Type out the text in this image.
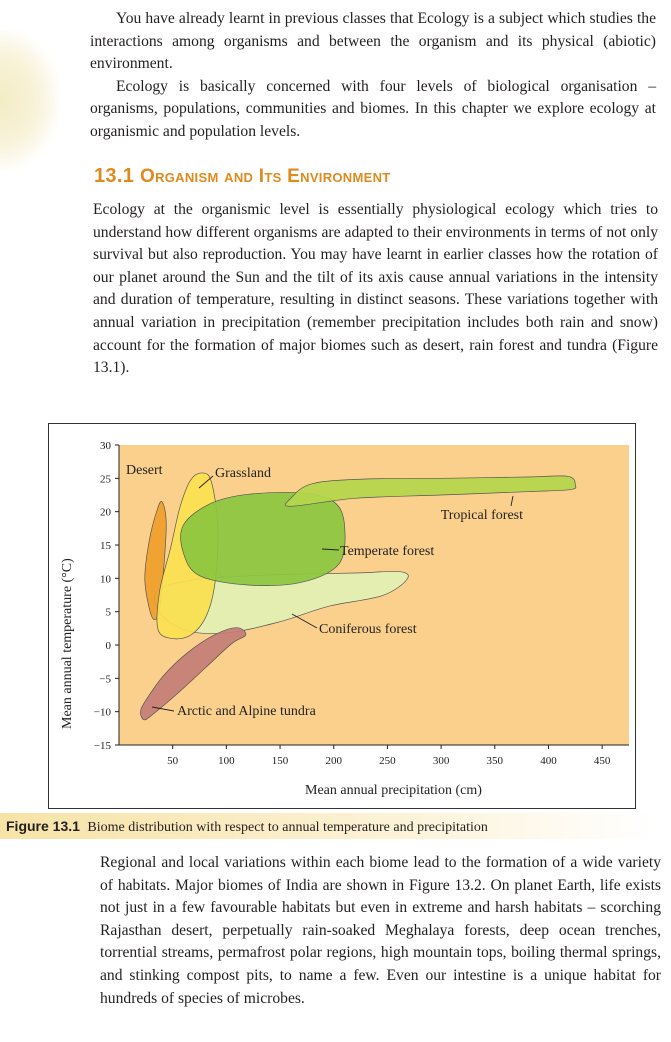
You have already learnt in previous classes that Ecology is a subject which studies the interactions among organisms and between the organism and its physical (abiotic) environment.

Ecology is basically concerned with four levels of biological organisation – organisms, populations, communities and biomes. In this chapter we explore ecology at organismic and population levels.

13.1 Organism and Its Environment

Ecology at the organismic level is essentially physiological ecology which tries to understand how different organisms are adapted to their environments in terms of not only survival but also reproduction. You may have learnt in earlier classes how the rotation of our planet around the Sun and the tilt of its axis cause annual variations in the intensity and duration of temperature, resulting in distinct seasons. These variations together with annual variation in precipitation (remember precipitation includes both rain and snow) account for the formation of major biomes such as desert, rain forest and tundra (Figure 13.1).

30
25
20
15
10
5
0
−5
−10
−15
50	100	150	200	250	300	350	400	450
Desert	Grassland
Tropical forest
Temperate forest
Coniferous forest
Arctic and Alpine tundra
Mean annual precipitation (cm)
Mean annual temperature (°C)
Figure 13.1 Biome distribution with respect to annual temperature and precipitation

Regional and local variations within each biome lead to the formation of a wide variety of habitats. Major biomes of India are shown in Figure 13.2. On planet Earth, life exists not just in a few favourable habitats but even in extreme and harsh habitats – scorching Rajasthan desert, perpetually rain-soaked Meghalaya forests, deep ocean trenches, torrential streams, permafrost polar regions, high mountain tops, boiling thermal springs, and stinking compost pits, to name a few. Even our intestine is a unique habitat for hundreds of species of microbes.
